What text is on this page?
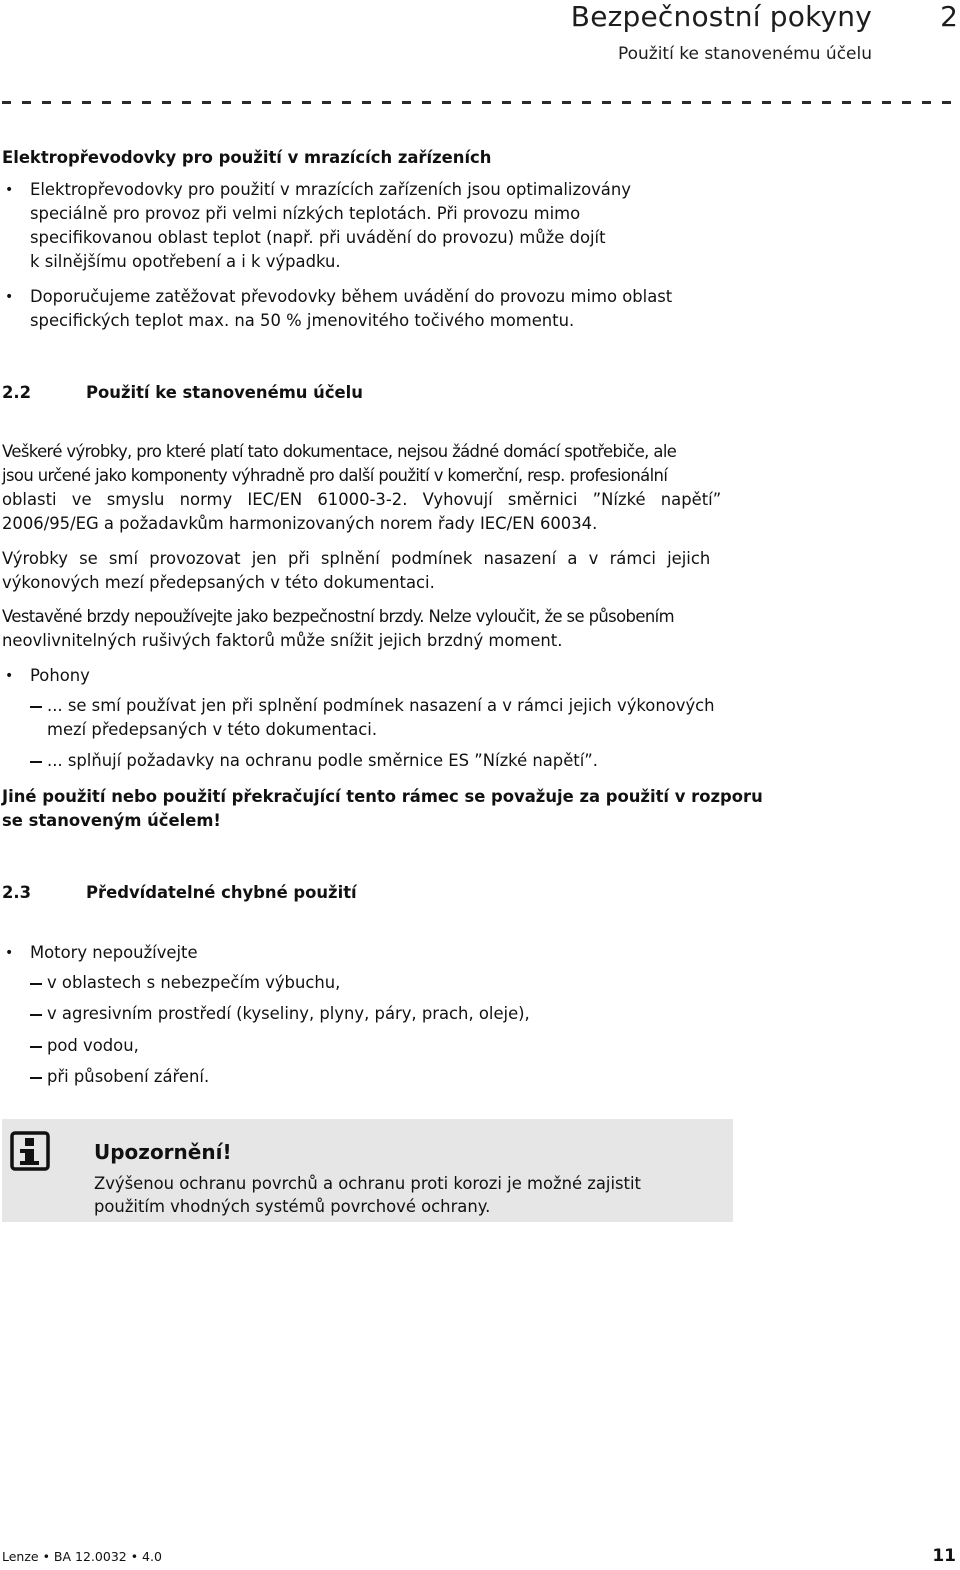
Bezpečnostní pokyny 2
Použití ke stanovenému účelu
Elektropřevodovky pro použití v mrazících zařízeních
• Elektropřevodovky pro použití v mrazících zařízeních jsou optimalizovány
speciálně pro provoz při velmi nízkých teplotách. Při provozu mimo
specifikovanou oblast teplot (např. při uvádění do provozu) může dojít
k silnějšímu opotřebení a i k výpadku.
• Doporučujeme zatěžovat převodovky během uvádění do provozu mimo oblast
specifických teplot max. na 50 % jmenovitého točivého momentu.
2.2	Použití ke stanovenému účelu
Veškeré výrobky, pro které platí tato dokumentace, nejsou žádné domácí spotřebiče, ale
jsou určené jako komponenty výhradně pro další použití v komerční, resp. profesionální
oblasti ve smyslu normy IEC/EN 61000-3-2. Vyhovují směrnici ”Nízké napětí”
2006/95/EG a požadavkům harmonizovaných norem řady IEC/EN 60034.
Výrobky se smí provozovat jen při splnění podmínek nasazení a v rámci jejich
výkonových mezí předepsaných v této dokumentaci.
Vestavěné brzdy nepoužívejte jako bezpečnostní brzdy. Nelze vyloučit, že se působením
neovlivnitelných rušivých faktorů může snížit jejich brzdný moment.
• Pohony
... se smí používat jen při splnění podmínek nasazení a v rámci jejich výkonových
mezí předepsaných v této dokumentaci.
... splňují požadavky na ochranu podle směrnice ES ”Nízké napětí”.
Jiné použití nebo použití překračující tento rámec se považuje za použití v rozporu
se stanoveným účelem!
2.3	Předvídatelné chybné použití
• Motory nepoužívejte
v oblastech s nebezpečím výbuchu,
v agresivním prostředí (kyseliny, plyny, páry, prach, oleje),
pod vodou,
při působení záření.
Upozornění!
Zvýšenou ochranu povrchů a ochranu proti korozi je možné zajistit
použitím vhodných systémů povrchové ochrany.
Lenze • BA 12.0032 • 4.0	11
